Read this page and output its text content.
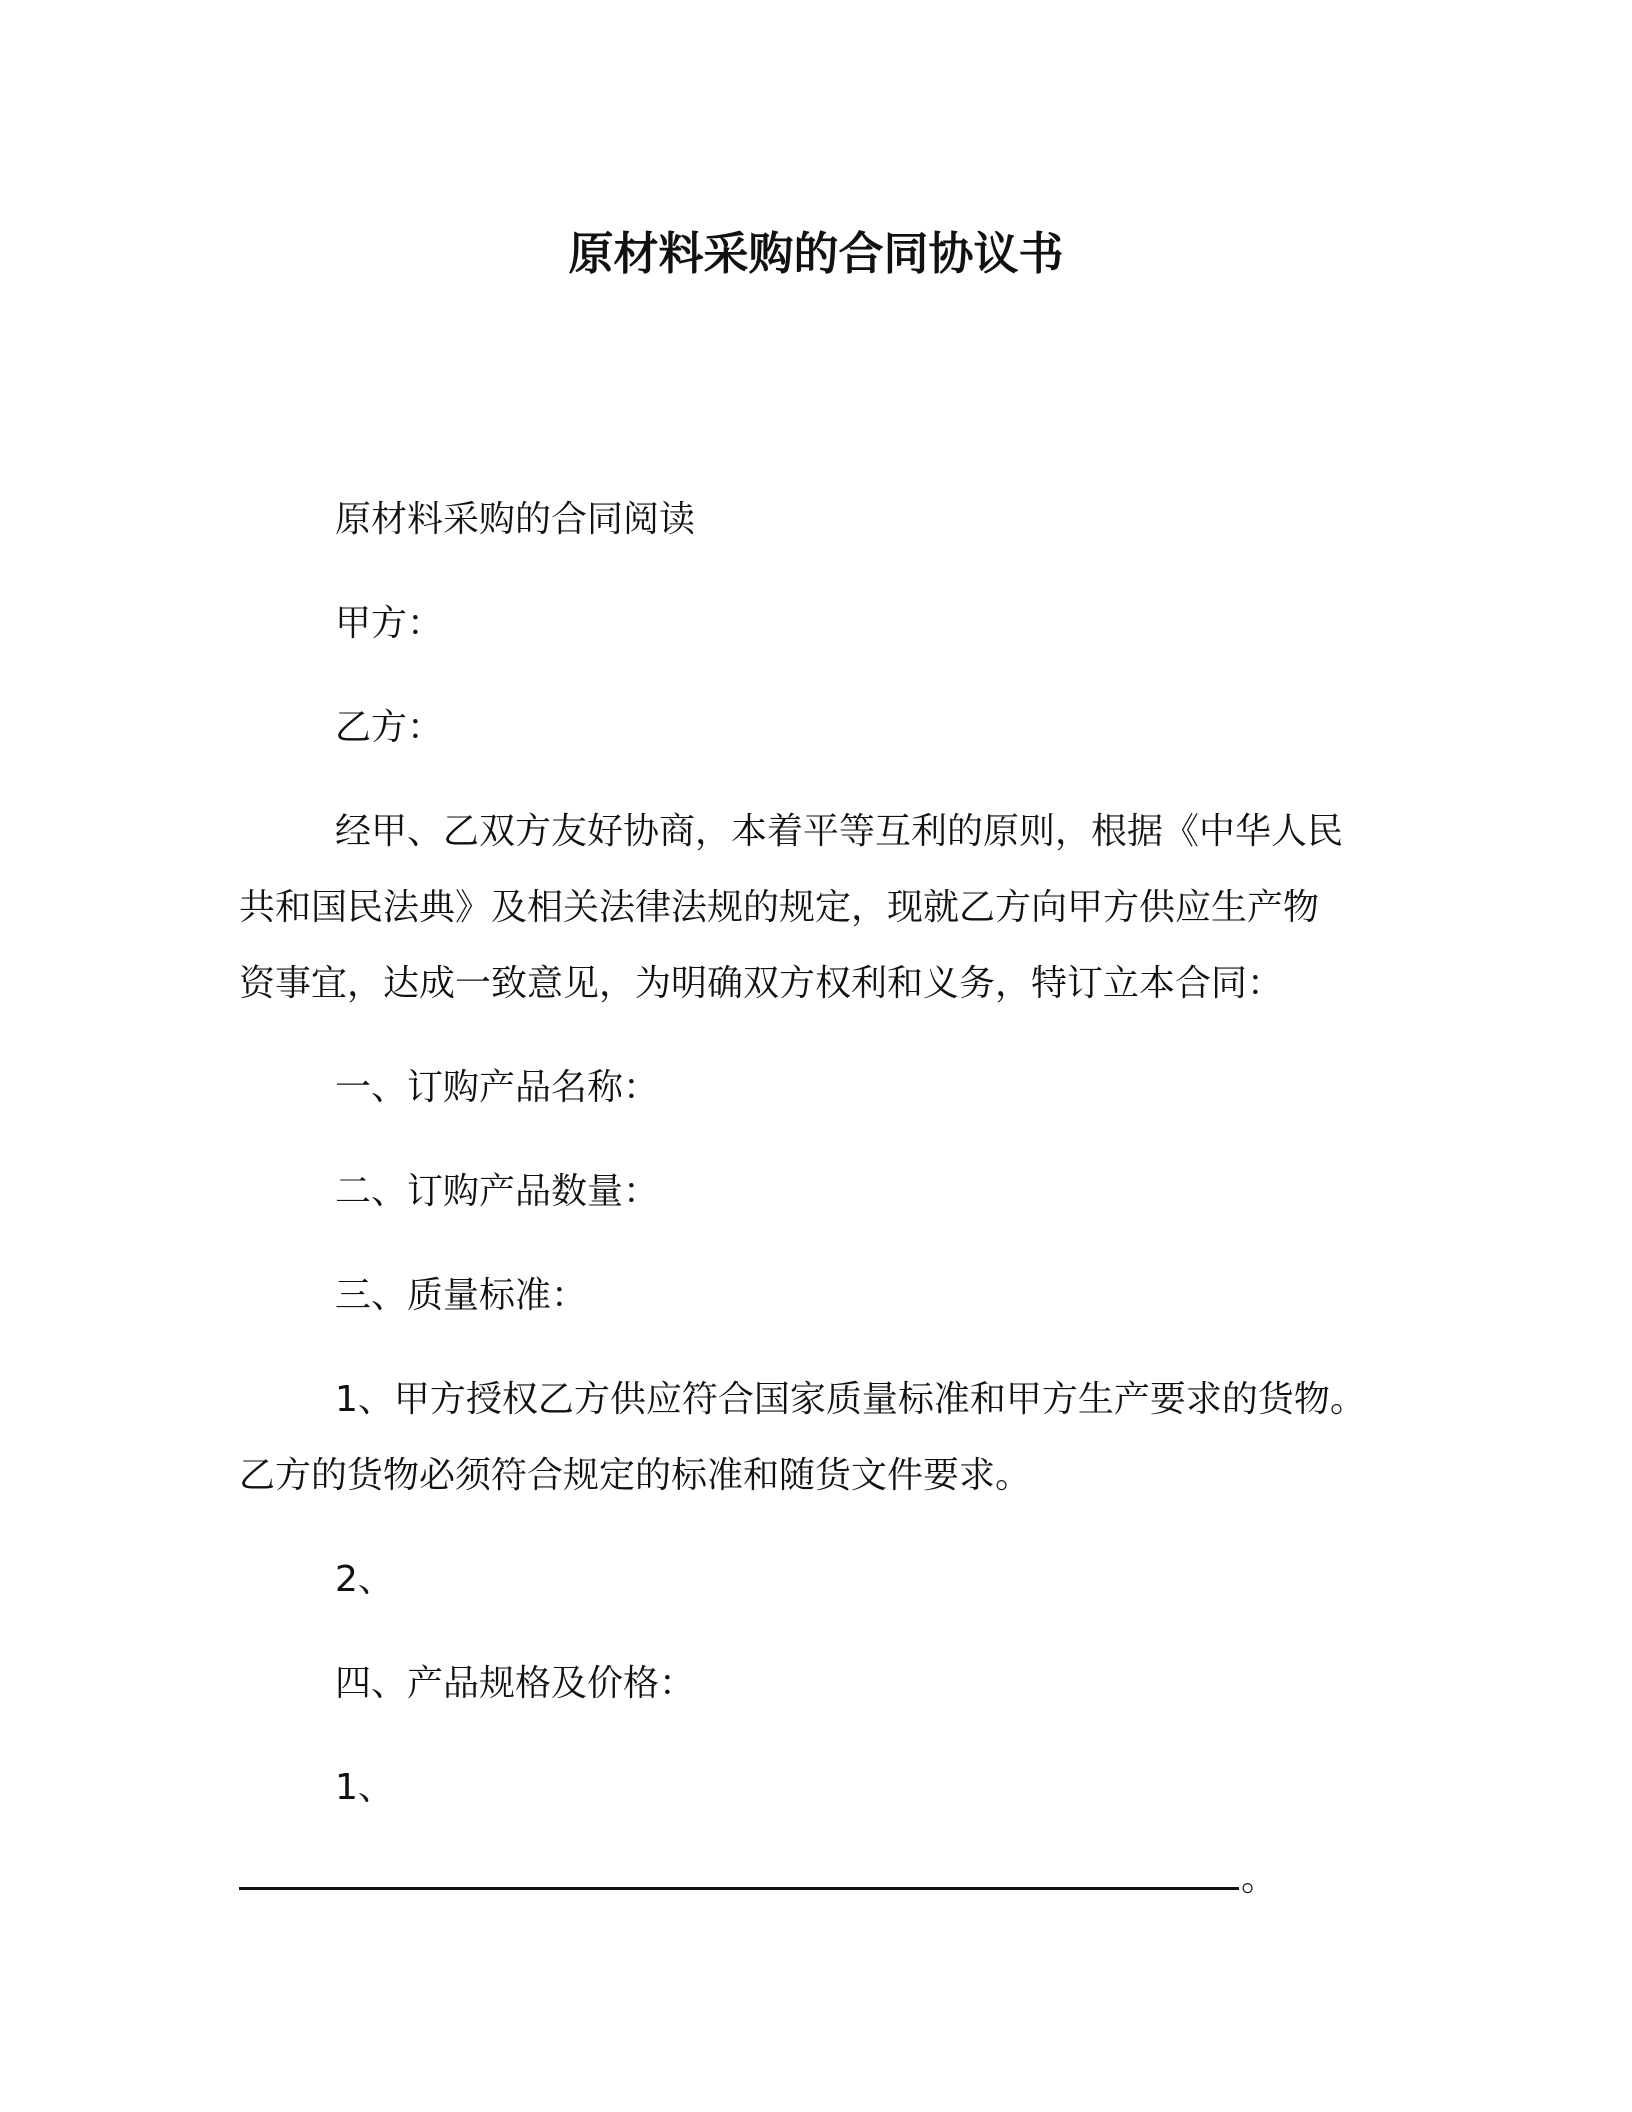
原材料采购的合同协议书
原材料采购的合同阅读
甲方：
乙方：
经甲、乙双方友好协商，本着平等互利的原则，根据《中华人民
共和国民法典》及相关法律法规的规定，现就乙方向甲方供应生产物
资事宜，达成一致意见，为明确双方权利和义务，特订立本合同：
一、订购产品名称：
二、订购产品数量：
三、质量标准：
1、甲方授权乙方供应符合国家质量标准和甲方生产要求的货物。
乙方的货物必须符合规定的标准和随货文件要求。
2、
四、产品规格及价格：
1、
。
